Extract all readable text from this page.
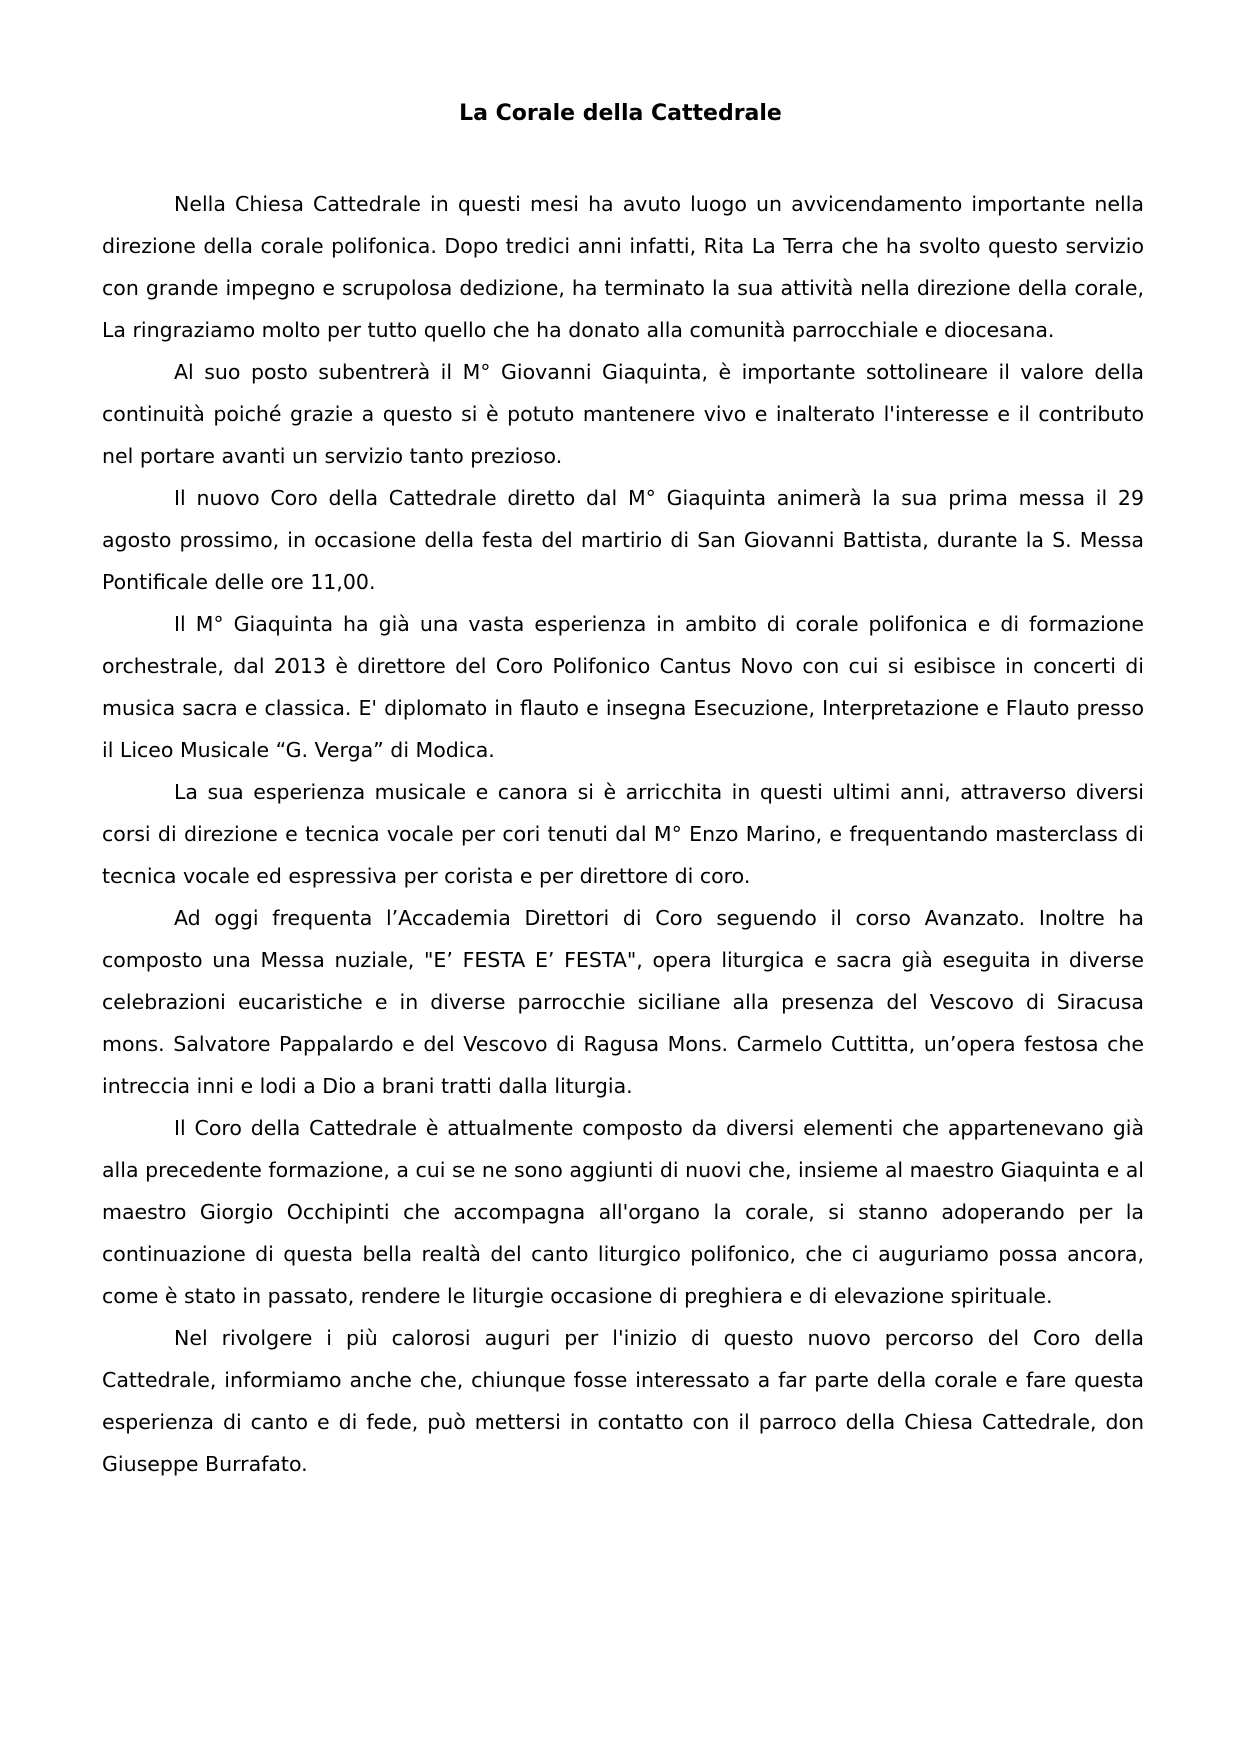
La Corale della Cattedrale

Nella Chiesa Cattedrale in questi mesi ha avuto luogo un avvicendamento importante nella direzione della corale polifonica. Dopo tredici anni infatti, Rita La Terra che ha svolto questo servizio con grande impegno e scrupolosa dedizione, ha terminato la sua attività nella direzione della corale, La ringraziamo molto per tutto quello che ha donato alla comunità parrocchiale e diocesana.

Al suo posto subentrerà il M° Giovanni Giaquinta, è importante sottolineare il valore della continuità poiché grazie a questo si è potuto mantenere vivo e inalterato l'interesse e il contributo nel portare avanti un servizio tanto prezioso.

Il nuovo Coro della Cattedrale diretto dal M° Giaquinta animerà la sua prima messa il 29 agosto prossimo, in occasione della festa del martirio di San Giovanni Battista, durante la S. Messa Pontificale delle ore 11,00.

Il M° Giaquinta ha già una vasta esperienza in ambito di corale polifonica e di formazione orchestrale, dal 2013 è direttore del Coro Polifonico Cantus Novo con cui si esibisce in concerti di musica sacra e classica. E' diplomato in flauto e insegna Esecuzione, Interpretazione e Flauto presso il Liceo Musicale “G. Verga” di Modica.

La sua esperienza musicale e canora si è arricchita in questi ultimi anni, attraverso diversi corsi di direzione e tecnica vocale per cori tenuti dal M° Enzo Marino, e frequentando masterclass di tecnica vocale ed espressiva per corista e per direttore di coro.

Ad oggi frequenta l’Accademia Direttori di Coro seguendo il corso Avanzato. Inoltre ha composto una Messa nuziale, "E’ FESTA E’ FESTA", opera liturgica e sacra già eseguita in diverse celebrazioni eucaristiche e in diverse parrocchie siciliane alla presenza del Vescovo di Siracusa mons. Salvatore Pappalardo e del Vescovo di Ragusa Mons. Carmelo Cuttitta, un’opera festosa che intreccia inni e lodi a Dio a brani tratti dalla liturgia.

Il Coro della Cattedrale è attualmente composto da diversi elementi che appartenevano già alla precedente formazione, a cui se ne sono aggiunti di nuovi che, insieme al maestro Giaquinta e al maestro Giorgio Occhipinti che accompagna all'organo la corale, si stanno adoperando per la continuazione di questa bella realtà del canto liturgico polifonico, che ci auguriamo possa ancora, come è stato in passato, rendere le liturgie occasione di preghiera e di elevazione spirituale.

Nel rivolgere i più calorosi auguri per l'inizio di questo nuovo percorso del Coro della Cattedrale, informiamo anche che, chiunque fosse interessato a far parte della corale e fare questa esperienza di canto e di fede, può mettersi in contatto con il parroco della Chiesa Cattedrale, don Giuseppe Burrafato.
